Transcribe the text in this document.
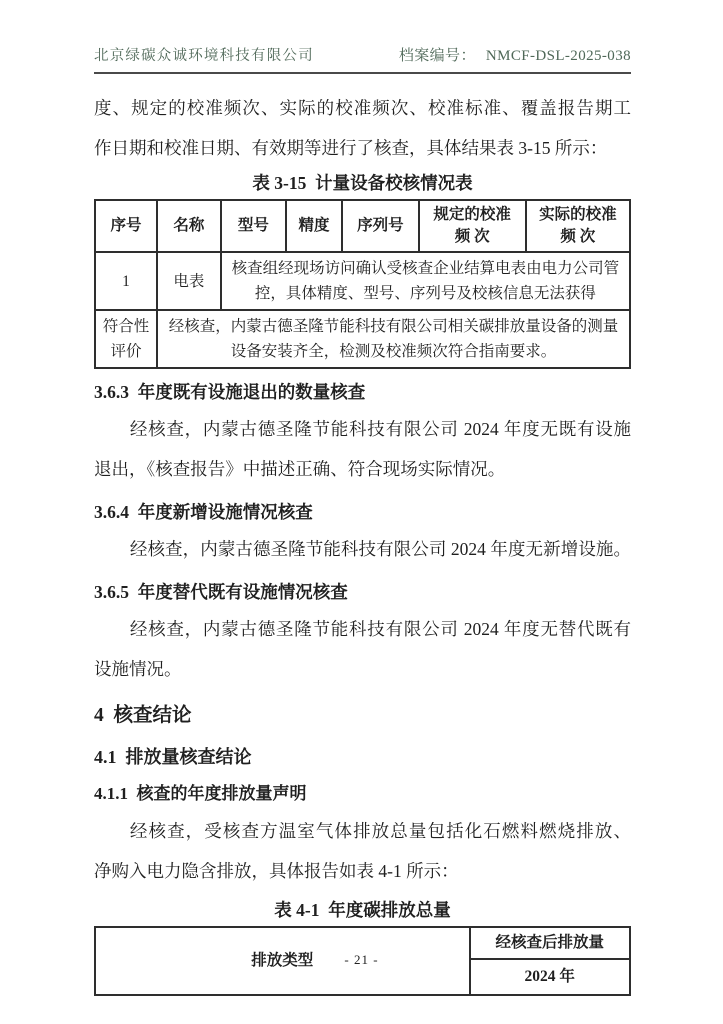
北京绿碳众诚环境科技有限公司	档案编号： NMCF-DSL-2025-038
度、规定的校准频次、实际的校准频次、校准标准、覆盖报告期工
作日期和校准日期、有效期等进行了核查，具体结果表 3-15 所示：
表 3-15  计量设备校核情况表
序号	名称	型号	精度	序列号	规定的校准频 次	实际的校准频 次
1	电表	核查组经现场访问确认受核查企业结算电表由电力公司管控，具体精度、型号、序列号及校核信息无法获得				
符合性评价	经核查，内蒙古德圣隆节能科技有限公司相关碳排放量设备的测量设备安装齐全，检测及校准频次符合指南要求。					
3.6.3  年度既有设施退出的数量核查
经核查，内蒙古德圣隆节能科技有限公司 2024 年度无既有设施
退出，《核查报告》中描述正确、符合现场实际情况。
3.6.4  年度新增设施情况核查
经核查，内蒙古德圣隆节能科技有限公司 2024 年度无新增设施。
3.6.5  年度替代既有设施情况核查
经核查，内蒙古德圣隆节能科技有限公司 2024 年度无替代既有
设施情况。
4  核查结论
4.1  排放量核查结论
4.1.1  核查的年度排放量声明
经核查，受核查方温室气体排放总量包括化石燃料燃烧排放、
净购入电力隐含排放，具体报告如表 4-1 所示：
表 4-1  年度碳排放总量
排放类型	经核查后排放量
2024 年
- 21 -
